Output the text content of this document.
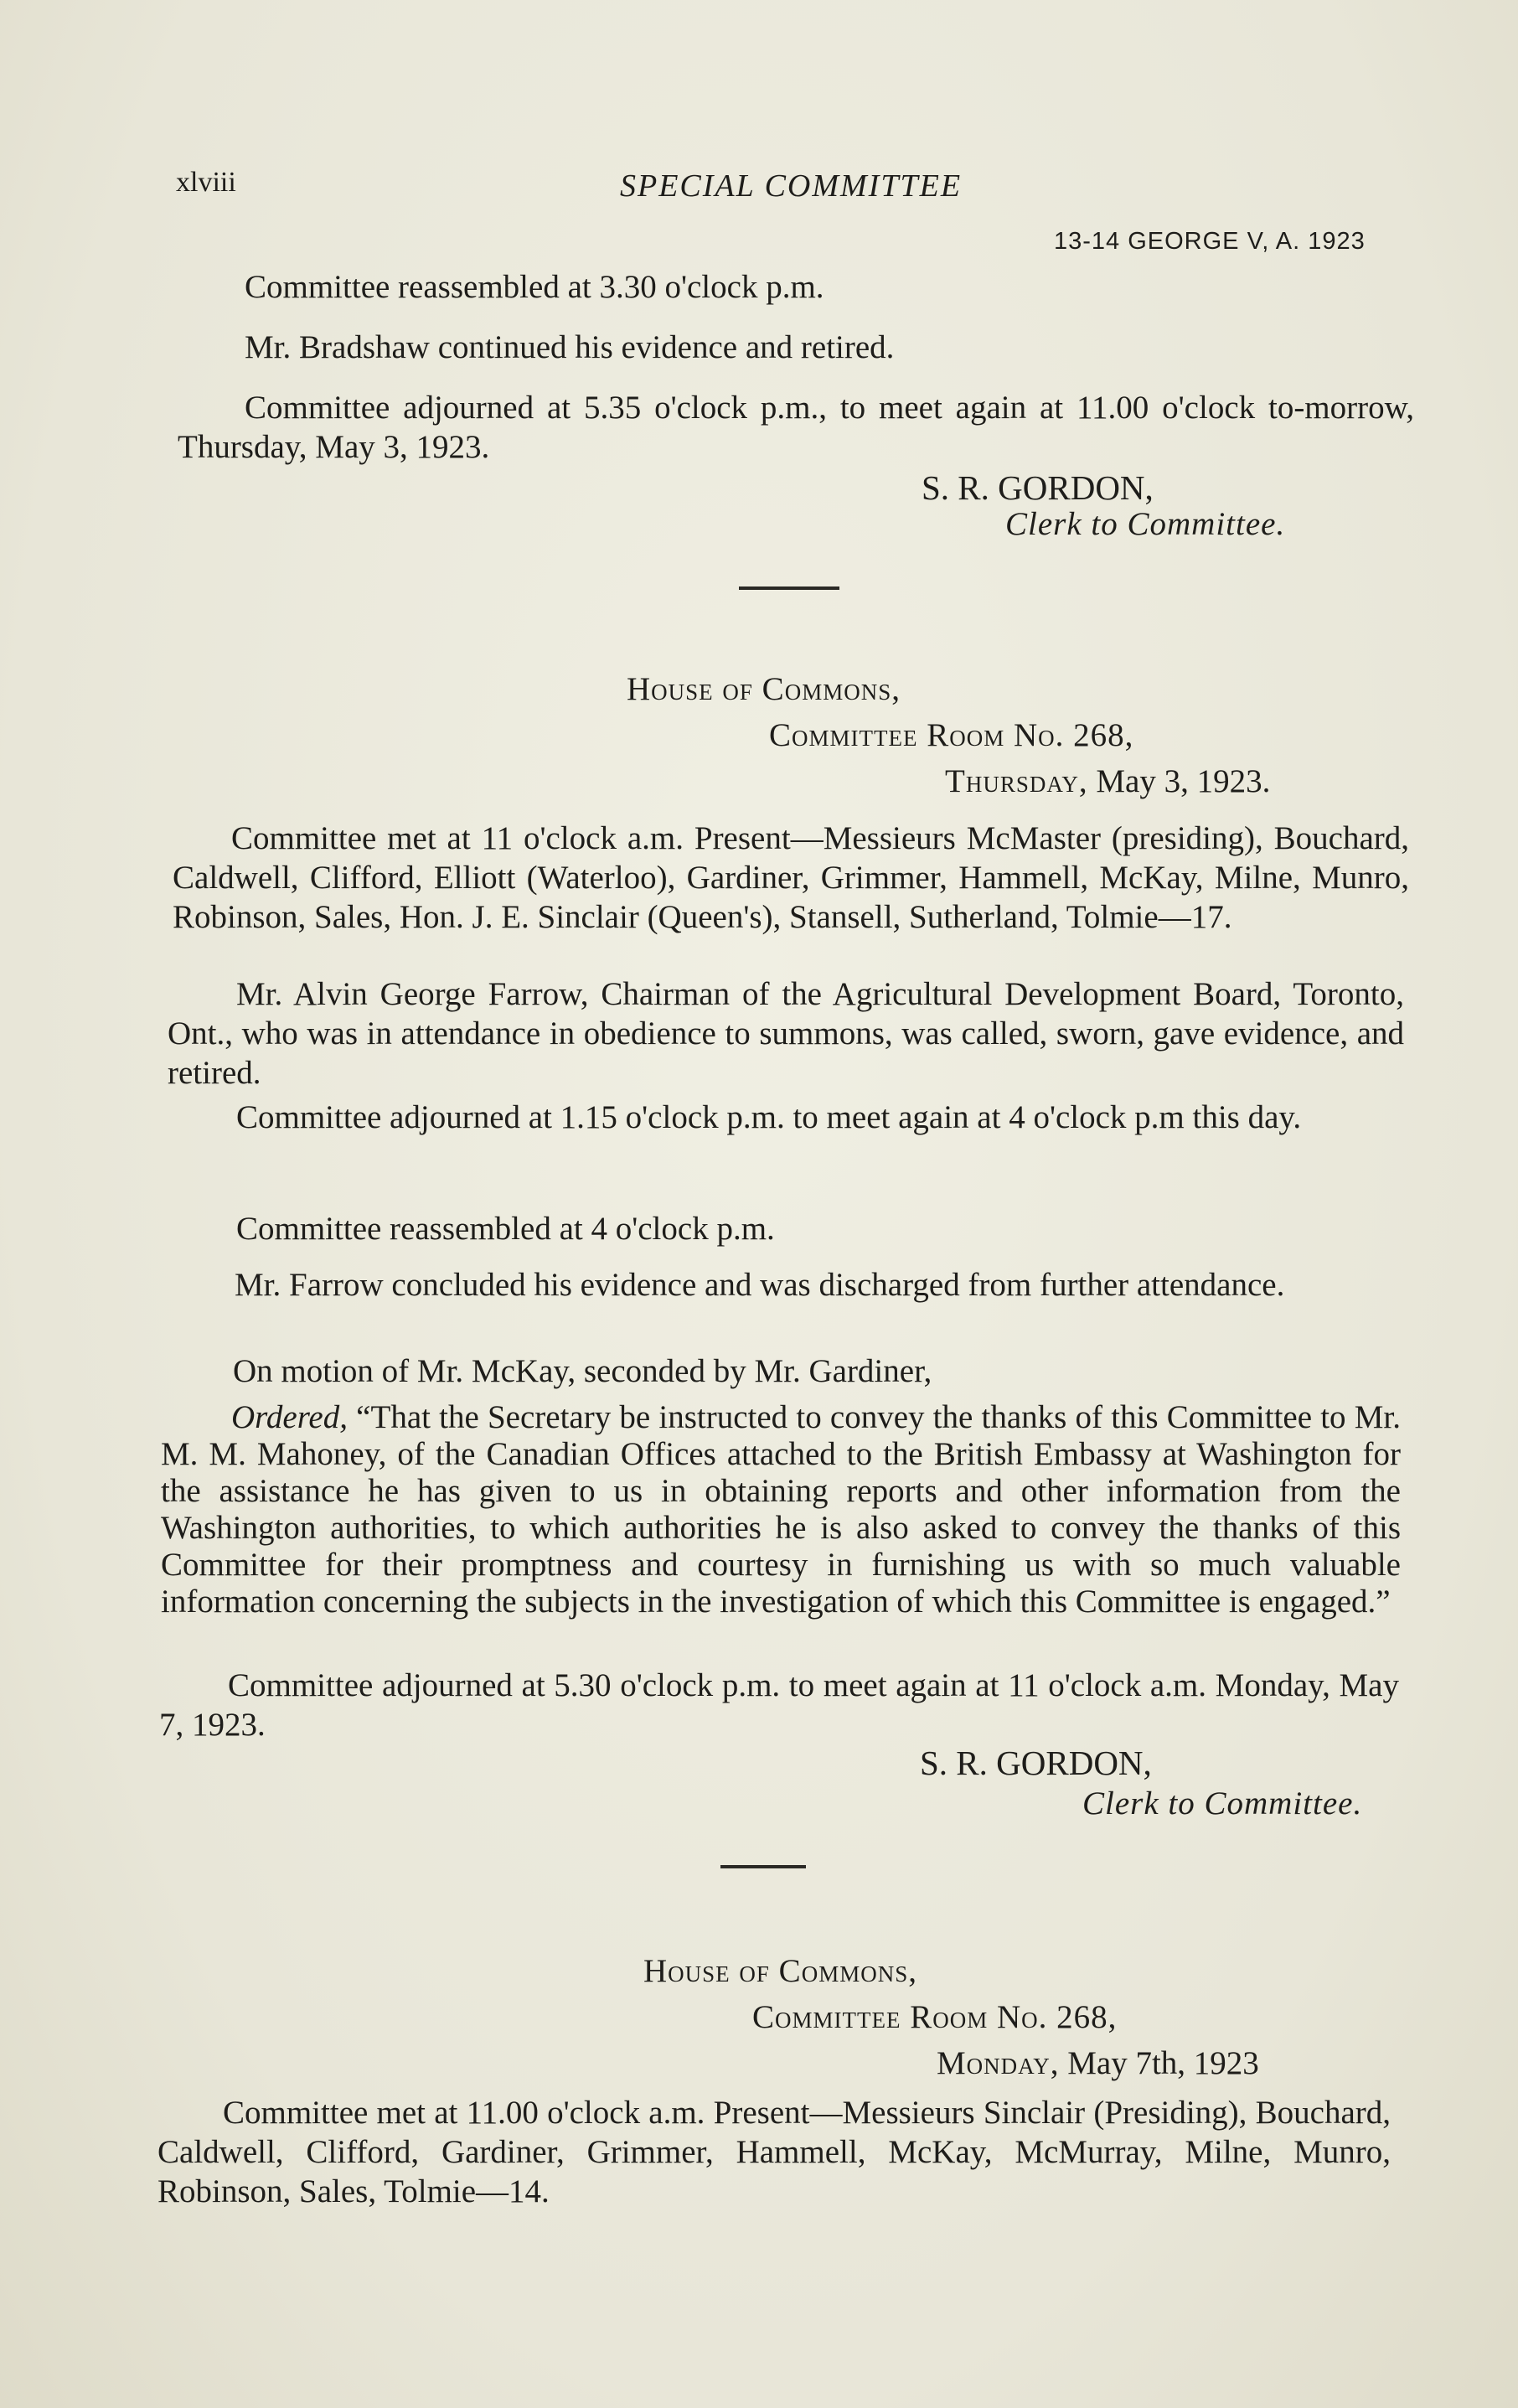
xlviii	SPECIAL COMMITTEE
13-14 GEORGE V, A. 1923
Committee reassembled at 3.30 o'clock p.m.
Mr. Bradshaw continued his evidence and retired.
Committee adjourned at 5.35 o'clock p.m., to meet again at 11.00 o'clock to-morrow, Thursday, May 3, 1923.
S. R. GORDON,
Clerk to Committee.
House of Commons,
Committee Room No. 268,
Thursday, May 3, 1923.
Committee met at 11 o'clock a.m. Present—Messieurs McMaster (presiding), Bouchard, Caldwell, Clifford, Elliott (Waterloo), Gardiner, Grimmer, Hammell, McKay, Milne, Munro, Robinson, Sales, Hon. J. E. Sinclair (Queen's), Stansell, Sutherland, Tolmie—17.
Mr. Alvin George Farrow, Chairman of the Agricultural Development Board, Toronto, Ont., who was in attendance in obedience to summons, was called, sworn, gave evidence, and retired.
Committee adjourned at 1.15 o'clock p.m. to meet again at 4 o'clock p.m this day.
Committee reassembled at 4 o'clock p.m.
Mr. Farrow concluded his evidence and was discharged from further attendance.
On motion of Mr. McKay, seconded by Mr. Gardiner,
Ordered, “That the Secretary be instructed to convey the thanks of this Committee to Mr. M. M. Mahoney, of the Canadian Offices attached to the British Embassy at Washington for the assistance he has given to us in obtaining reports and other information from the Washington authorities, to which authorities he is also asked to convey the thanks of this Committee for their promptness and courtesy in furnishing us with so much valuable information concerning the subjects in the investigation of which this Committee is engaged.”
Committee adjourned at 5.30 o'clock p.m. to meet again at 11 o'clock a.m. Monday, May 7, 1923.
S. R. GORDON,
Clerk to Committee.
House of Commons,
Committee Room No. 268,
Monday, May 7th, 1923
Committee met at 11.00 o'clock a.m. Present—Messieurs Sinclair (Presiding), Bouchard, Caldwell, Clifford, Gardiner, Grimmer, Hammell, McKay, McMurray, Milne, Munro, Robinson, Sales, Tolmie—14.
